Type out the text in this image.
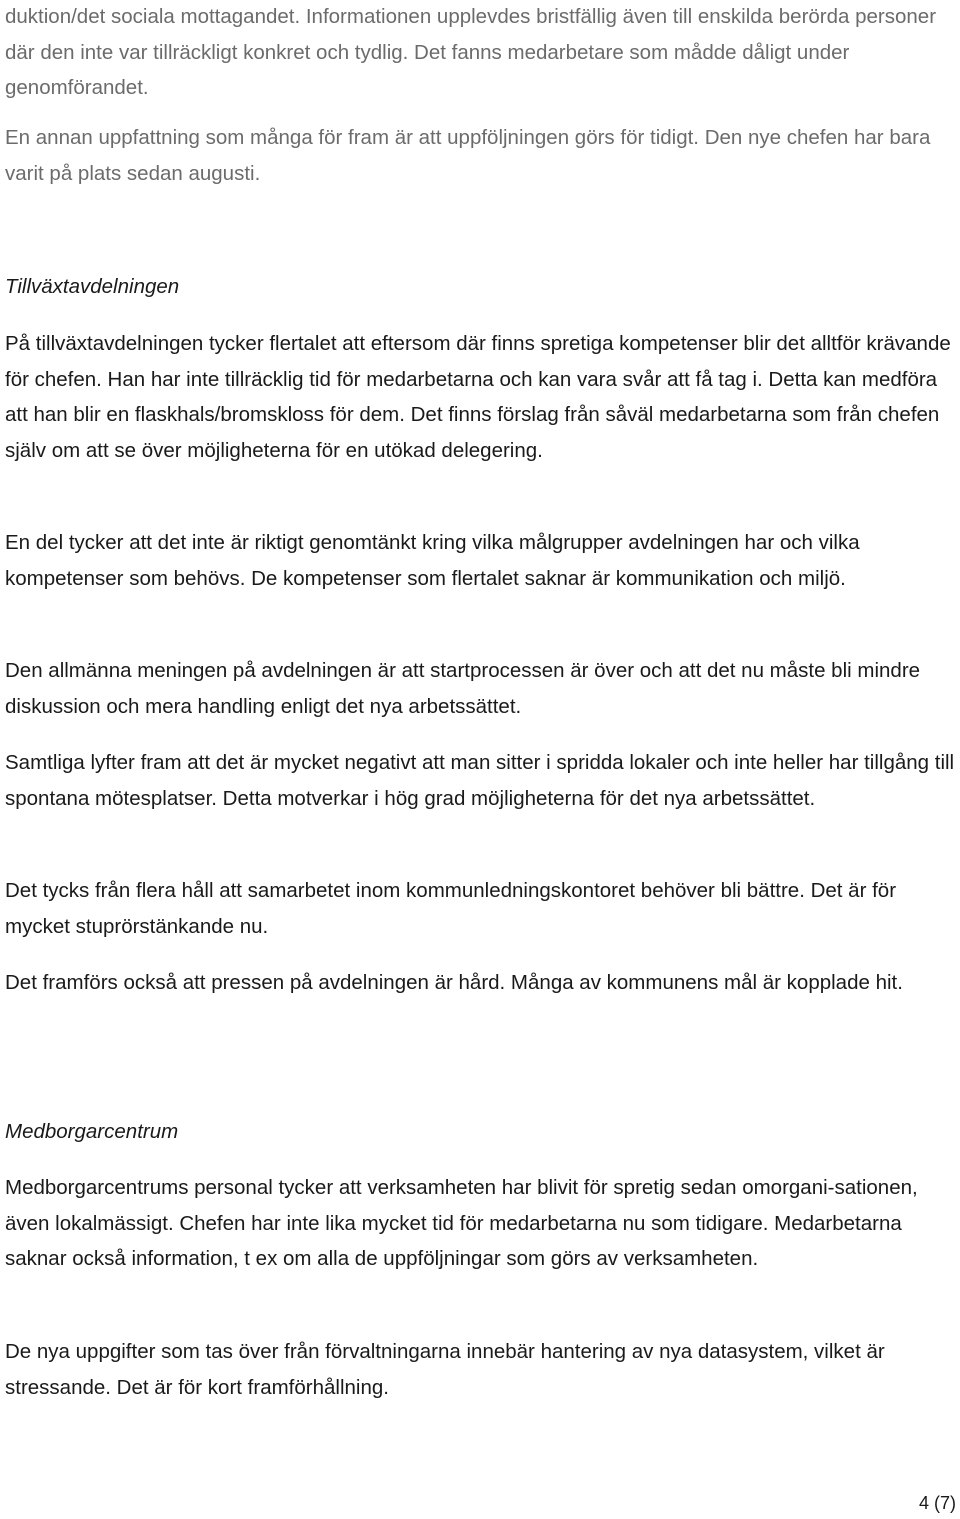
duktion/det sociala mottagandet. Informationen upplevdes bristfällig även till enskilda berörda personer där den inte var tillräckligt konkret och tydlig. Det fanns medarbetare som mådde dåligt under genomförandet.

En annan uppfattning som många för fram är att uppföljningen görs för tidigt. Den nye chefen har bara varit på plats sedan augusti.

Tillväxtavdelningen

På tillväxtavdelningen tycker flertalet att eftersom där finns spretiga kompetenser blir det alltför krävande för chefen. Han har inte tillräcklig tid för medarbetarna och kan vara svår att få tag i. Detta kan medföra att han blir en flaskhals/bromskloss för dem. Det finns förslag från såväl medarbetarna som från chefen själv om att se över möjligheterna för en utökad delegering.

En del tycker att det inte är riktigt genomtänkt kring vilka målgrupper avdelningen har och vilka kompetenser som behövs. De kompetenser som flertalet saknar är kommunikation och miljö.

Den allmänna meningen på avdelningen är att startprocessen är över och att det nu måste bli mindre diskussion och mera handling enligt det nya arbetssättet.

Samtliga lyfter fram att det är mycket negativt att man sitter i spridda lokaler och inte heller har tillgång till spontana mötesplatser. Detta motverkar i hög grad möjligheterna för det nya arbetssättet.

Det tycks från flera håll att samarbetet inom kommunledningskontoret behöver bli bättre. Det är för mycket stuprörstänkande nu.

Det framförs också att pressen på avdelningen är hård. Många av kommunens mål är kopplade hit.

Medborgarcentrum

Medborgarcentrums personal tycker att verksamheten har blivit för spretig sedan omorgani-sationen, även lokalmässigt. Chefen har inte lika mycket tid för medarbetarna nu som tidigare. Medarbetarna saknar också information, t ex om alla de uppföljningar som görs av verksamheten.

De nya uppgifter som tas över från förvaltningarna innebär hantering av nya datasystem, vilket är stressande. Det är för kort framförhållning.

4 (7)
